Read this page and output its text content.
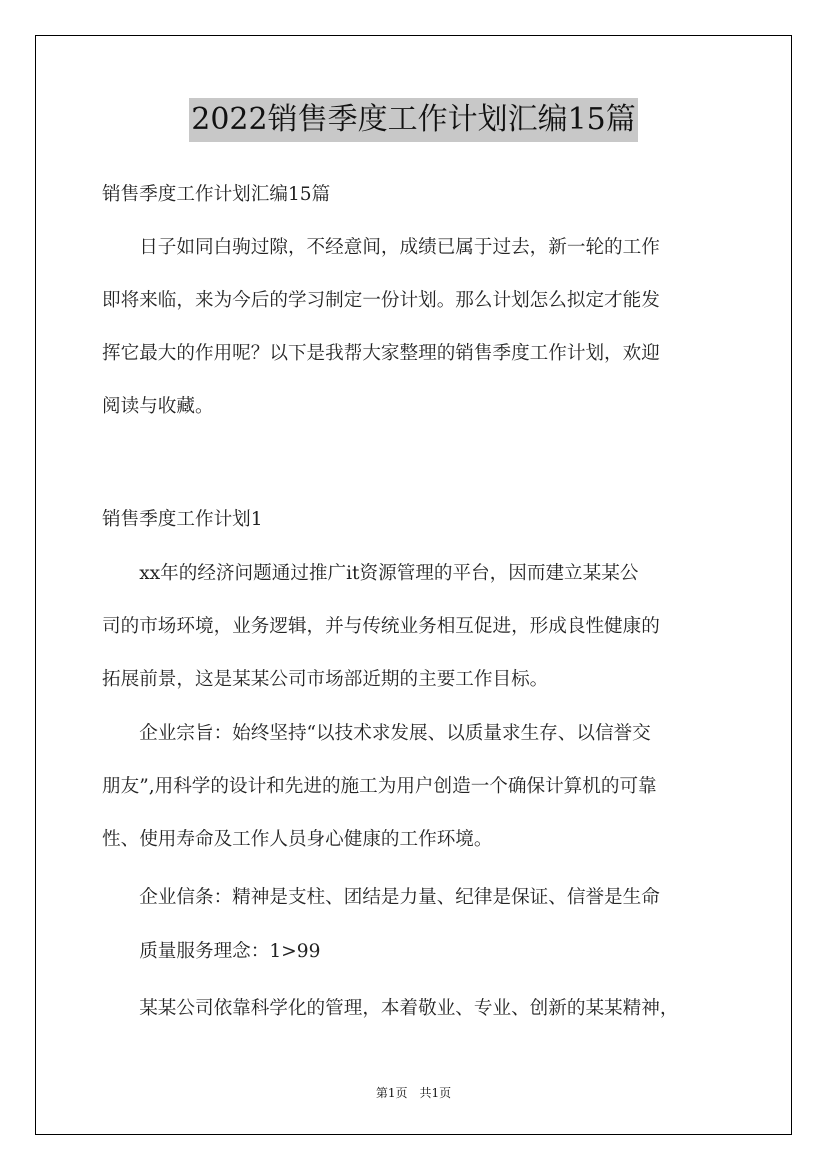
2022销售季度工作计划汇编15篇
销售季度工作计划汇编15篇
　　日子如同白驹过隙，不经意间，成绩已属于过去，新一轮的工作
即将来临，来为今后的学习制定一份计划。那么计划怎么拟定才能发
挥它最大的作用呢？以下是我帮大家整理的销售季度工作计划，欢迎
阅读与收藏。
销售季度工作计划1
　　xx年的经济问题通过推广it资源管理的平台，因而建立某某公
司的市场环境，业务逻辑，并与传统业务相互促进，形成良性健康的
拓展前景，这是某某公司市场部近期的主要工作目标。
　　企业宗旨：始终坚持“以技术求发展、以质量求生存、以信誉交
朋友”,用科学的设计和先进的施工为用户创造一个确保计算机的可靠
性、使用寿命及工作人员身心健康的工作环境。
　　企业信条：精神是支柱、团结是力量、纪律是保证、信誉是生命
　　质量服务理念：1>99
　　某某公司依靠科学化的管理，本着敬业、专业、创新的某某精神，
第1页　共1页
